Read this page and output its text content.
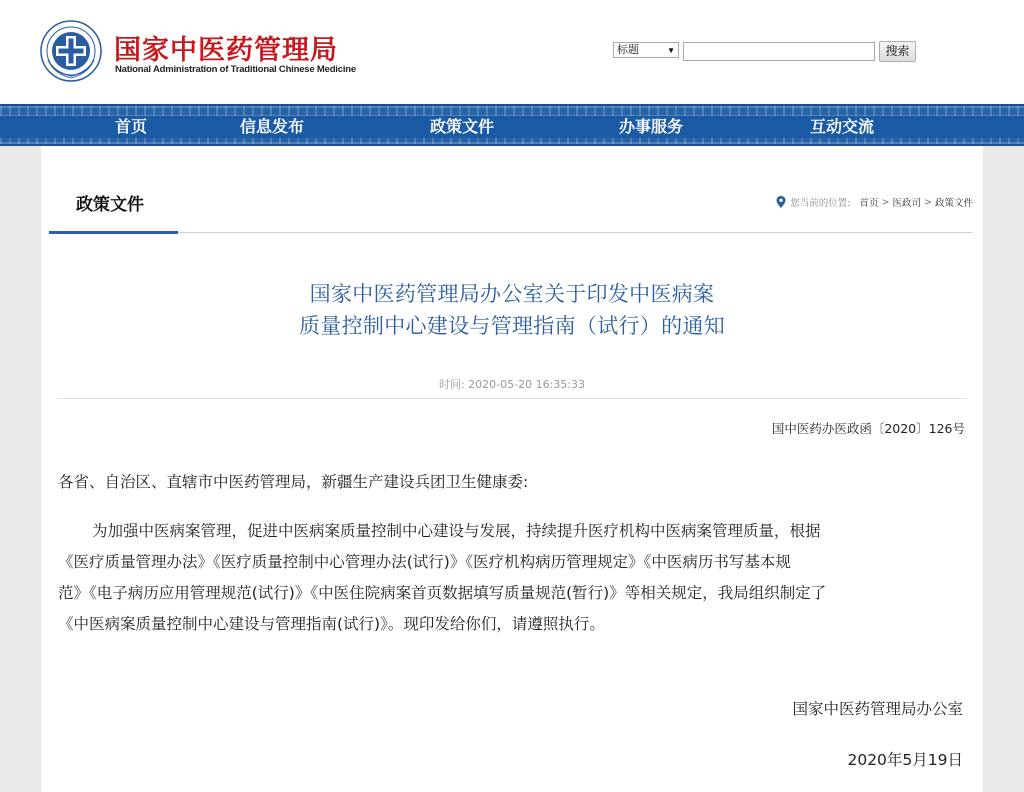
国家中医药管理局
National Administration of Traditional Chinese Medicine
标题	▼	搜索
首页	信息发布	政策文件	办事服务	互动交流
政策文件	您当前的位置:
首页 > 医政司 > 政策文件
国家中医药管理局办公室关于印发中医病案
质量控制中心建设与管理指南（试行）的通知
时间: 2020-05-20 16:35:33
国中医药办医政函〔2020〕126号
各省、自治区、直辖市中医药管理局，新疆生产建设兵团卫生健康委:
为加强中医病案管理，促进中医病案质量控制中心建设与发展，持续提升医疗机构中医病案管理质量，根据
《医疗质量管理办法》《医疗质量控制中心管理办法(试行)》《医疗机构病历管理规定》《中医病历书写基本规
范》《电子病历应用管理规范(试行)》《中医住院病案首页数据填写质量规范(暂行)》等相关规定，我局组织制定了
《中医病案质量控制中心建设与管理指南(试行)》。现印发给你们，请遵照执行。
国家中医药管理局办公室
2020年5月19日
